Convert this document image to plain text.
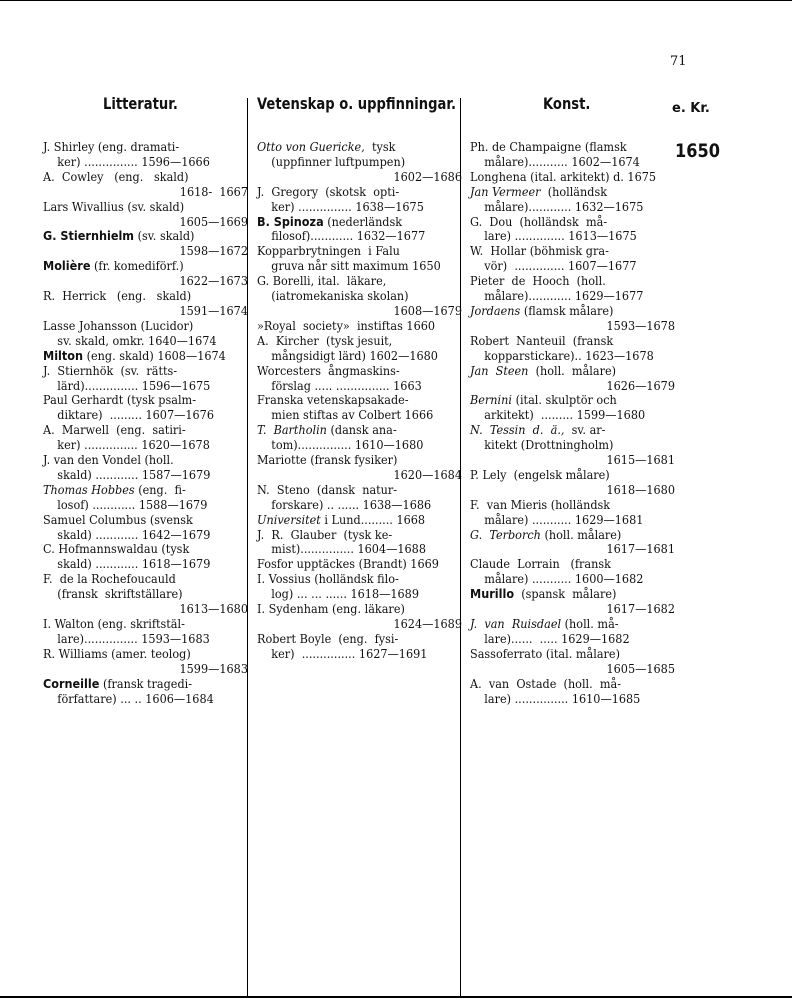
71
Litteratur.	Vetenskap o. uppfinningar.	Konst.	e. Kr.
1650
J. Shirley (eng. dramati-
ker) ............... 1596—1666
A.  Cowley   (eng.   skald)
1618-  1667
Lars Wivallius (sv. skald)
1605—1669
G. Stiernhielm (sv. skald)
1598—1672
Molière (fr. komediförf.)
1622—1673
R.  Herrick   (eng.   skald)
1591—1674
Lasse Johansson (Lucidor)
sv. skald, omkr. 1640—1674
Milton (eng. skald) 1608—1674
J.  Stiernhök  (sv.  rätts-
lärd)............... 1596—1675
Paul Gerhardt (tysk psalm-
diktare)  ......... 1607—1676
A.  Marwell  (eng.  satiri-
ker) ............... 1620—1678
J. van den Vondel (holl.
skald) ............ 1587—1679
Thomas Hobbes (eng.  fi-
losof) ............ 1588—1679
Samuel Columbus (svensk
skald) ............ 1642—1679
C. Hofmannswaldau (tysk
skald) ............ 1618—1679
F.  de la Rochefoucauld
(fransk  skriftställare)
1613—1680
I. Walton (eng. skriftstäl-
lare)............... 1593—1683
R. Williams (amer. teolog)
1599—1683
Corneille (fransk tragedi-
författare) ... .. 1606—1684
Otto von Guericke,  tysk
(uppfinner luftpumpen)
1602—1686
J.  Gregory  (skotsk  opti-
ker) ............... 1638—1675
B. Spinoza (nederländsk
filosof)............ 1632—1677
Kopparbrytningen  i Falu
gruva når sitt maximum 1650
G. Borelli, ital.  läkare,
(iatromekaniska skolan)
1608—1679
»Royal  society»  instiftas 1660
A.  Kircher  (tysk jesuit,
mångsidigt lärd) 1602—1680
Worcesters  ångmaskins-
förslag ..... ............... 1663
Franska vetenskapsakade-
mien stiftas av Colbert 1666
T.  Bartholin (dansk ana-
tom)............... 1610—1680
Mariotte (fransk fysiker)
1620—1684
N.  Steno  (dansk  natur-
forskare) .. ...... 1638—1686
Universitet i Lund......... 1668
J.  R.  Glauber  (tysk ke-
mist)............... 1604—1688
Fosfor upptäckes (Brandt) 1669
I. Vossius (holländsk filo-
log) ... ... ...... 1618—1689
I. Sydenham (eng. läkare)
1624—1689
Robert Boyle  (eng.  fysi-
ker)  ............... 1627—1691
Ph. de Champaigne (flamsk
målare)........... 1602—1674
Longhena (ital. arkitekt) d. 1675
Jan Vermeer  (holländsk
målare)............ 1632—1675
G.  Dou  (holländsk  må-
lare) .............. 1613—1675
W.  Hollar (böhmisk gra-
vör)  .............. 1607—1677
Pieter  de  Hooch  (holl.
målare)............ 1629—1677
Jordaens (flamsk målare)
1593—1678
Robert  Nanteuil  (fransk
kopparstickare).. 1623—1678
Jan  Steen  (holl.  målare)
1626—1679
Bernini (ital. skulptör och
arkitekt)  ......... 1599—1680
N.  Tessin  d.  ä.,  sv. ar-
kitekt (Drottningholm)
1615—1681
P. Lely  (engelsk målare)
1618—1680
F.  van Mieris (holländsk
målare) ........... 1629—1681
G.  Terborch (holl. målare)
1617—1681
Claude  Lorrain   (fransk
målare) ........... 1600—1682
Murillo  (spansk  målare)
1617—1682
J.  van  Ruisdael (holl. må-
lare)......  ..... 1629—1682
Sassoferrato (ital. målare)
1605—1685
A.  van  Ostade  (holl.  må-
lare) ............... 1610—1685
